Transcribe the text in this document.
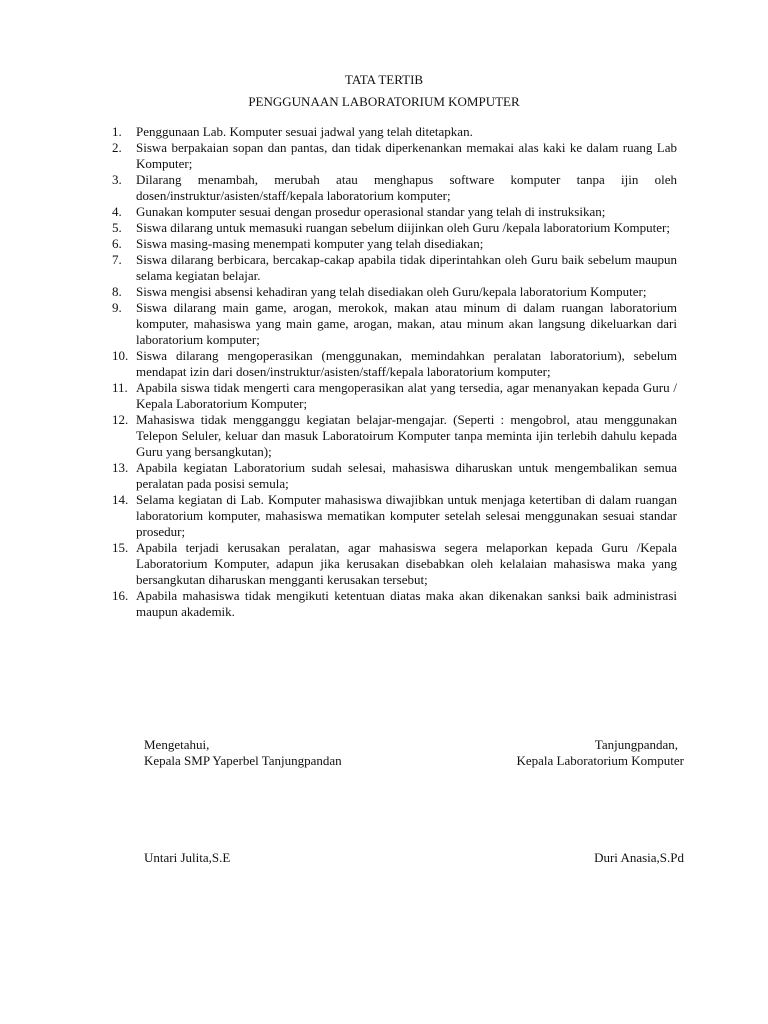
TATA TERTIB
PENGGUNAAN LABORATORIUM KOMPUTER
1.	Penggunaan Lab. Komputer sesuai jadwal yang telah ditetapkan.
2.	Siswa berpakaian sopan dan pantas, dan tidak diperkenankan memakai alas kaki ke dalam ruang Lab Komputer;
3.	Dilarang menambah, merubah atau menghapus software komputer tanpa ijin oleh dosen/instruktur/asisten/staff/kepala laboratorium komputer;
4.	Gunakan komputer sesuai dengan prosedur operasional standar yang telah di instruksikan;
5.	Siswa dilarang untuk memasuki ruangan sebelum diijinkan oleh Guru /kepala laboratorium Komputer;
6.	Siswa masing-masing menempati komputer yang telah disediakan;
7.	Siswa dilarang berbicara, bercakap-cakap apabila tidak diperintahkan oleh Guru baik sebelum maupun selama kegiatan belajar.
8.	Siswa mengisi absensi kehadiran yang telah disediakan oleh Guru/kepala laboratorium Komputer;
9.	Siswa dilarang main game, arogan, merokok, makan atau minum di dalam ruangan laboratorium komputer, mahasiswa yang main game, arogan, makan, atau minum akan langsung dikeluarkan dari laboratorium komputer;
10. Siswa dilarang mengoperasikan (menggunakan, memindahkan peralatan laboratorium), sebelum mendapat izin dari dosen/instruktur/asisten/staff/kepala laboratorium komputer;
11. Apabila siswa tidak mengerti cara mengoperasikan alat yang tersedia, agar menanyakan kepada Guru / Kepala Laboratorium Komputer;
12. Mahasiswa tidak mengganggu kegiatan belajar-mengajar. (Seperti : mengobrol, atau menggunakan Telepon Seluler, keluar dan masuk Laboratoirum Komputer tanpa meminta ijin terlebih dahulu kepada Guru yang bersangkutan);
13. Apabila kegiatan Laboratorium sudah selesai, mahasiswa diharuskan untuk mengembalikan semua peralatan pada posisi semula;
14. Selama kegiatan di Lab. Komputer mahasiswa diwajibkan untuk menjaga ketertiban di dalam ruangan laboratorium komputer, mahasiswa mematikan komputer setelah selesai menggunakan sesuai standar prosedur;
15. Apabila terjadi kerusakan peralatan, agar mahasiswa segera melaporkan kepada Guru /Kepala Laboratorium Komputer, adapun jika kerusakan disebabkan oleh kelalaian mahasiswa maka yang bersangkutan diharuskan mengganti kerusakan tersebut;
16. Apabila mahasiswa tidak mengikuti ketentuan diatas maka akan dikenakan sanksi baik administrasi maupun akademik.
Mengetahui,
Kepala SMP Yaperbel Tanjungpandan
Tanjungpandan,
Kepala Laboratorium Komputer
Untari Julita,S.E	Duri Anasia,S.Pd
